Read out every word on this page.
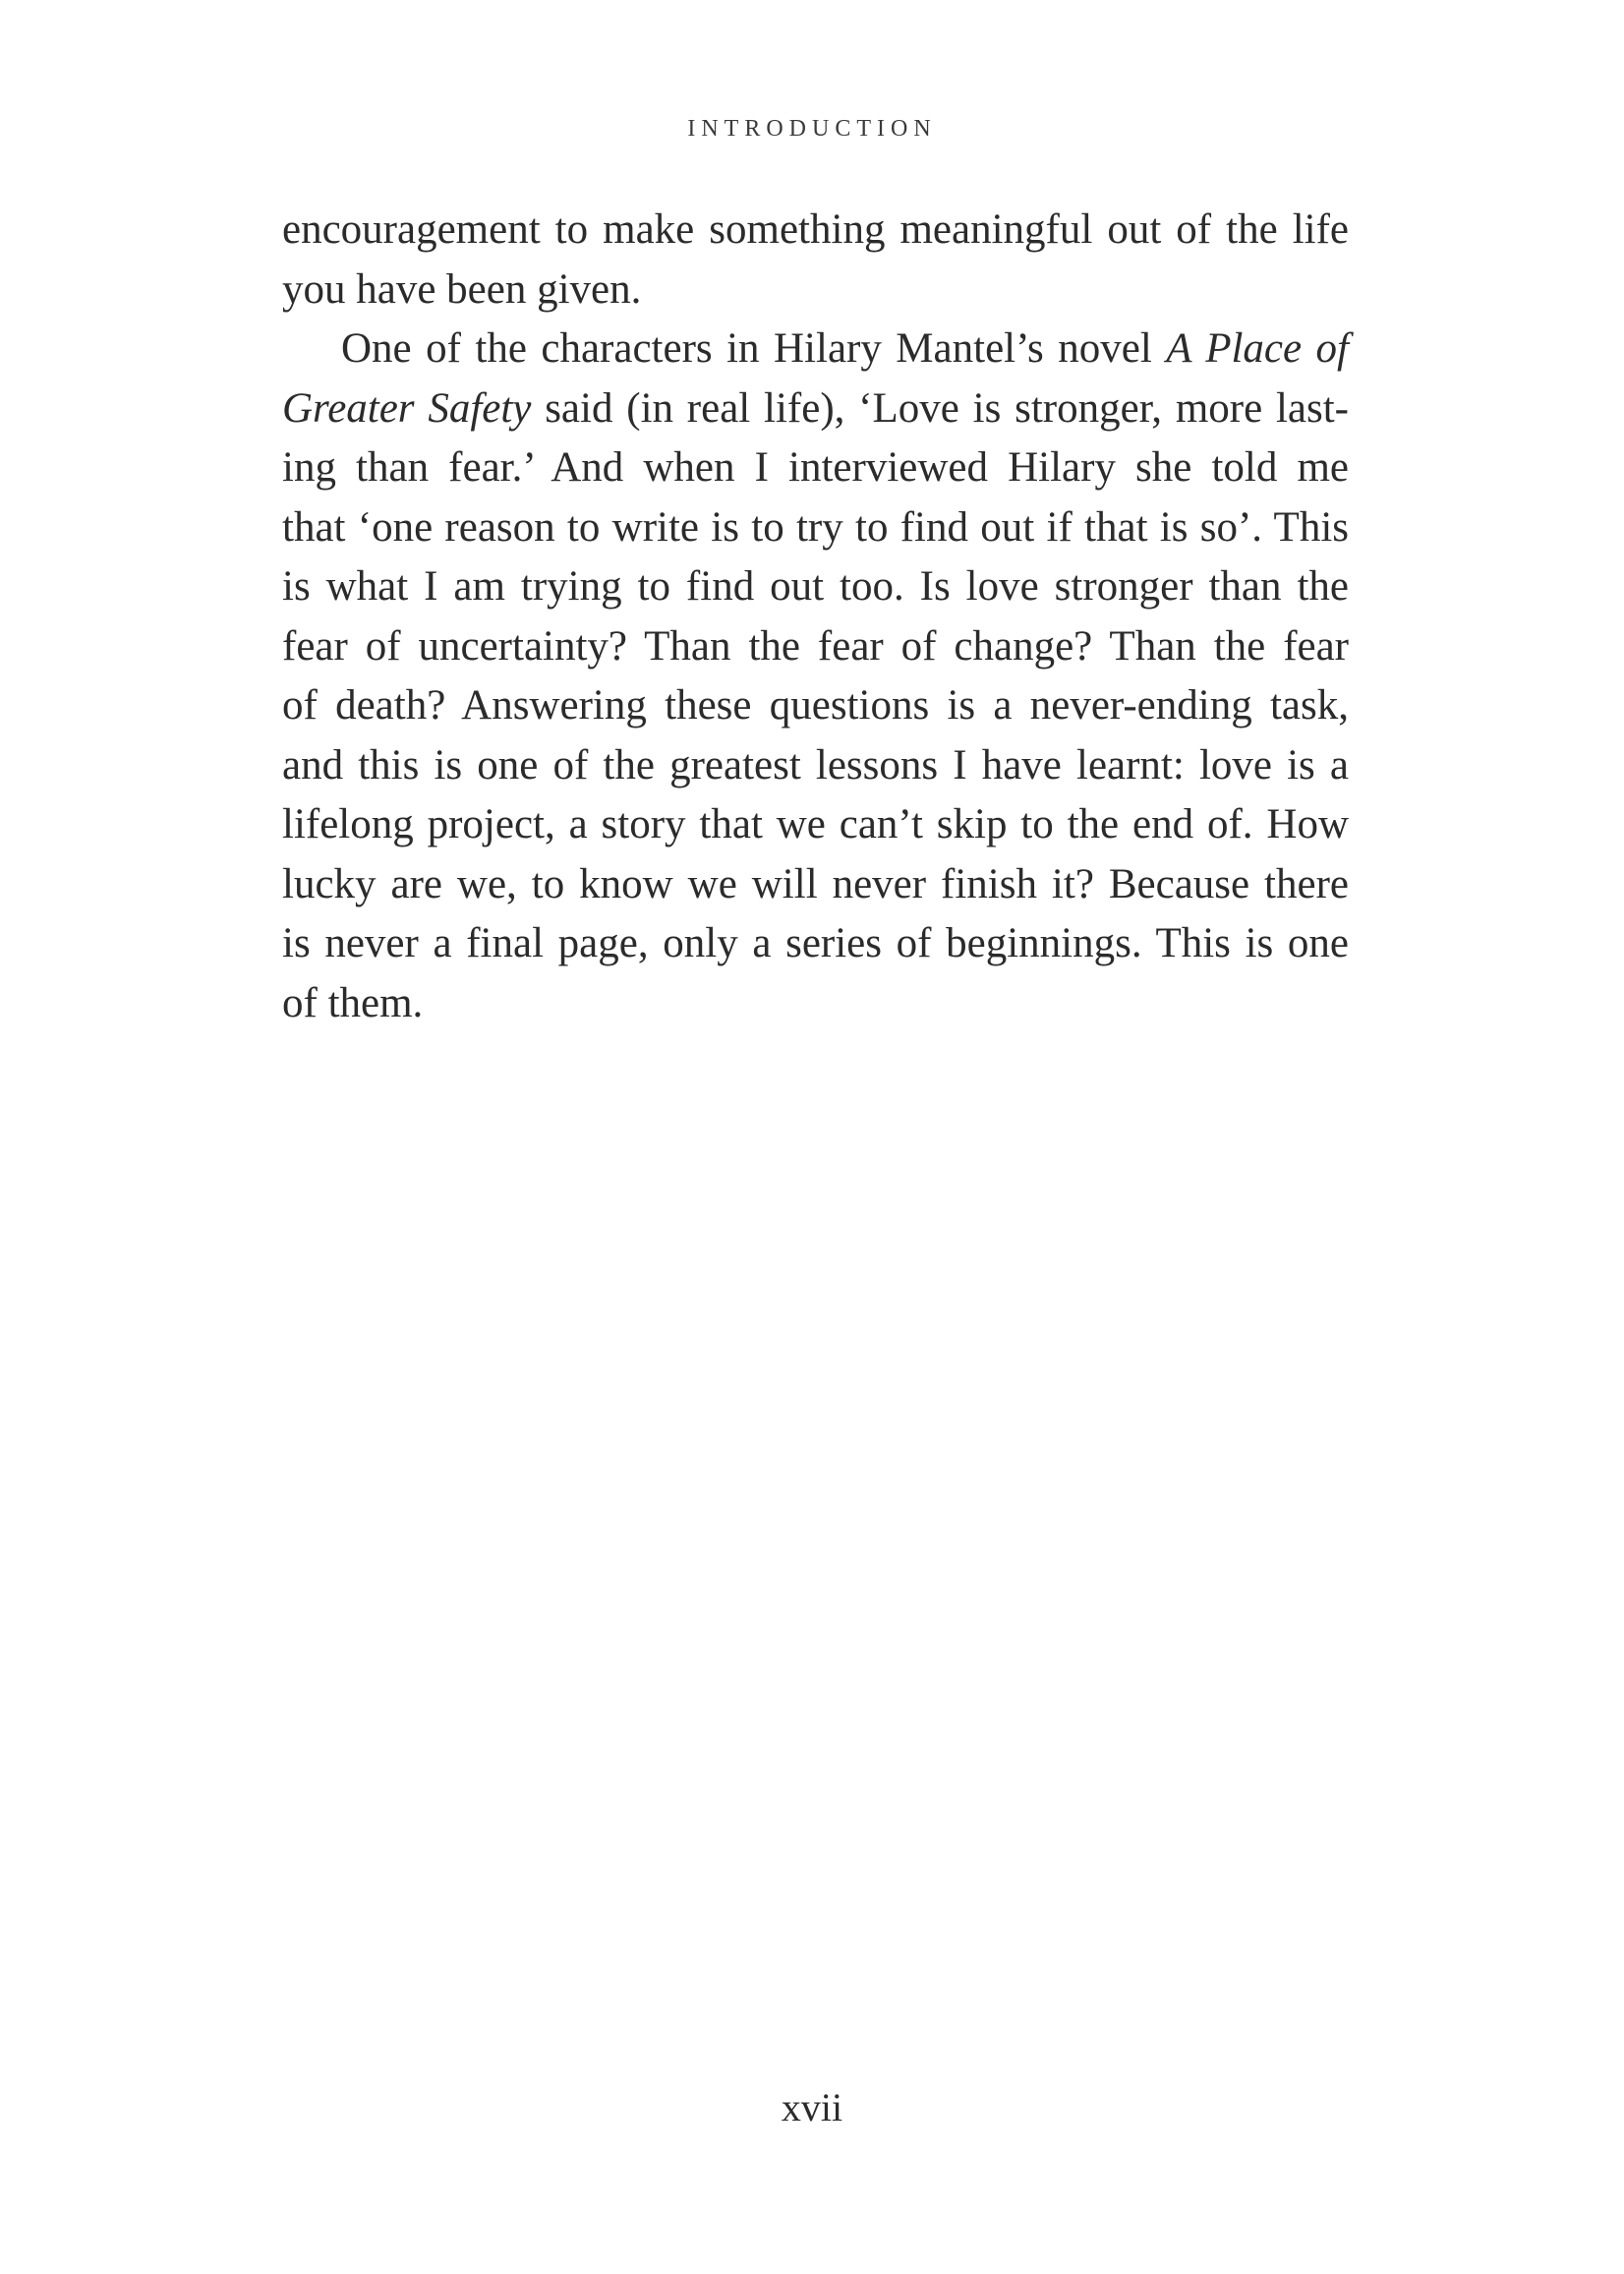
INTRODUCTION
encouragement to make something meaningful out of the life
you have been given.
One of the characters in Hilary Mantel’s novel A Place of
Greater Safety said (in real life), ‘Love is stronger, more last-
ing than fear.’ And when I interviewed Hilary she told me
that ‘one reason to write is to try to find out if that is so’. This
is what I am trying to find out too. Is love stronger than the
fear of uncertainty? Than the fear of change? Than the fear
of death? Answering these questions is a never-ending task,
and this is one of the greatest lessons I have learnt: love is a
lifelong project, a story that we can’t skip to the end of. How
lucky are we, to know we will never finish it? Because there
is never a final page, only a series of beginnings. This is one
of them.
xvii
